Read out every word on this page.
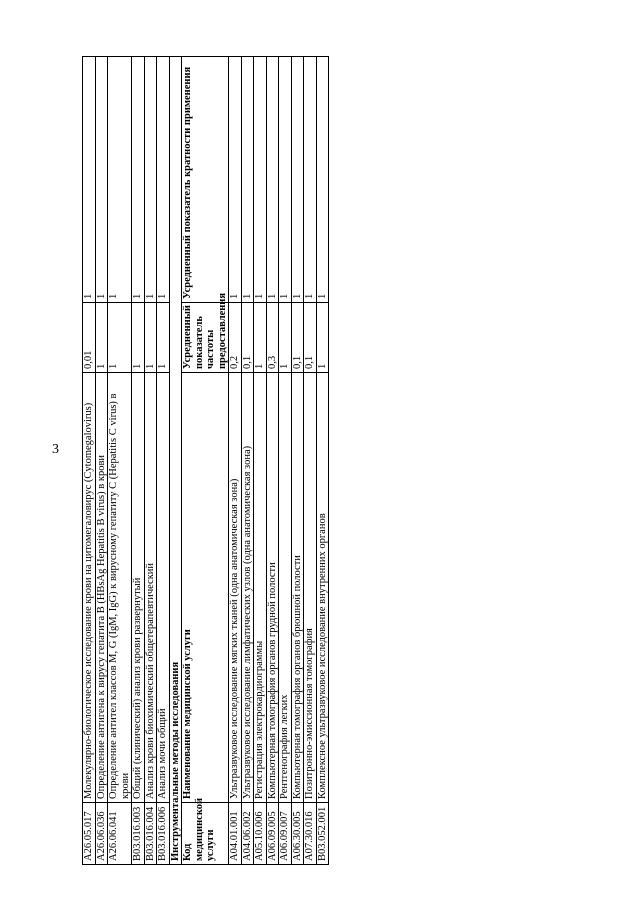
3
A26.05.017	Молекулярно-биологическое исследование крови на цитомегаловирус (Cytomegalovirus)	0,01	1
A26.06.036	Определение антигена к вирусу гепатита B (HBsAg Hepatitis B virus) в крови	1	1
A26.06.041	Определение антител классов M, G (IgM, IgG) к вирусному гепатиту C (Hepatitis C virus) в крови	1	1
B03.016.003	Общий (клинический) анализ крови развернутый	1	1
B03.016.004	Анализ крови биохимический общетерапевтический	1	1
B03.016.006	Анализ мочи общий	1	1
Инструментальные методы исследования			
Код медицинской услуги	Наименование медицинской услуги	Усредненный показатель частоты предоставления	Усредненный показатель кратности применения
A04.01.001	Ультразвуковое исследование мягких тканей (одна анатомическая зона)	0,2	1
A04.06.002	Ультразвуковое исследование лимфатических узлов (одна анатомическая зона)	0,1	1
A05.10.006	Регистрация электрокардиограммы	1	1
A06.09.005	Компьютерная томография органов грудной полости	0,3	1
A06.09.007	Рентгенография легких	1	1
A06.30.005	Компьютерная томография органов брюшной полости	0,1	1
A07.30.016	Позитронно-эмиссионная томография	0,1	1
B03.052.001	Комплексное ультразвуковое исследование внутренних органов	1	1
